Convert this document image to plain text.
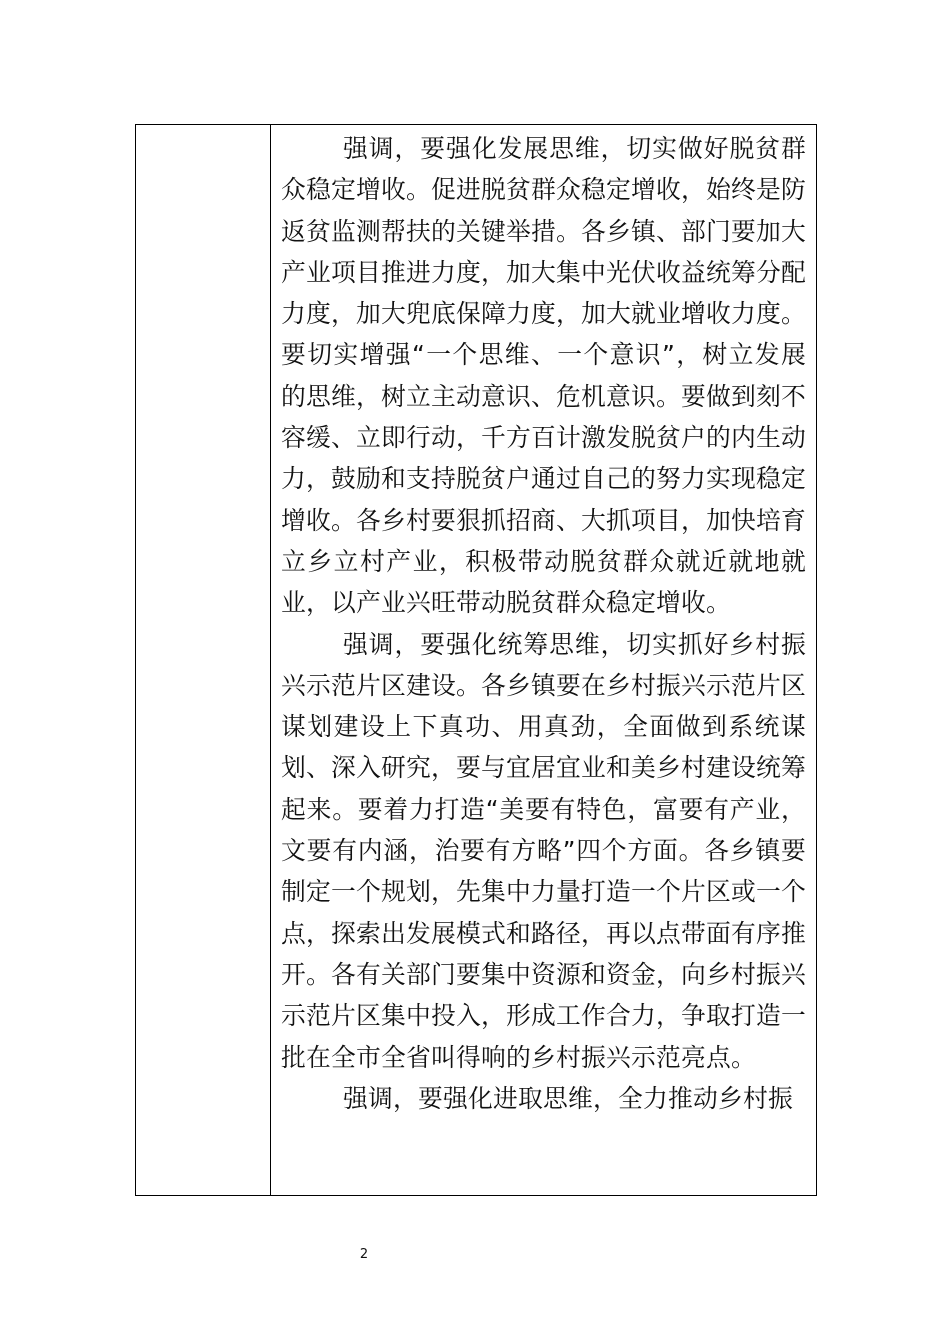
强调，要强化发展思维，切实做好脱贫群众稳定增收。促进脱贫群众稳定增收，始终是防返贫监测帮扶的关键举措。各乡镇、部门要加大产业项目推进力度，加大集中光伏收益统筹分配力度，加大兜底保障力度，加大就业增收力度。要切实增强“一个思维、一个意识”，树立发展的思维，树立主动意识、危机意识。要做到刻不容缓、立即行动，千方百计激发脱贫户的内生动力，鼓励和支持脱贫户通过自己的努力实现稳定增收。各乡村要狠抓招商、大抓项目，加快培育立乡立村产业，积极带动脱贫群众就近就地就业，以产业兴旺带动脱贫群众稳定增收。

强调，要强化统筹思维，切实抓好乡村振兴示范片区建设。各乡镇要在乡村振兴示范片区谋划建设上下真功、用真劲，全面做到系统谋划、深入研究，要与宜居宜业和美乡村建设统筹起来。要着力打造“美要有特色，富要有产业，文要有内涵，治要有方略”四个方面。各乡镇要制定一个规划，先集中力量打造一个片区或一个点，探索出发展模式和路径，再以点带面有序推开。各有关部门要集中资源和资金，向乡村振兴示范片区集中投入，形成工作合力，争取打造一批在全市全省叫得响的乡村振兴示范亮点。

强调，要强化进取思维，全力推动乡村振

2
